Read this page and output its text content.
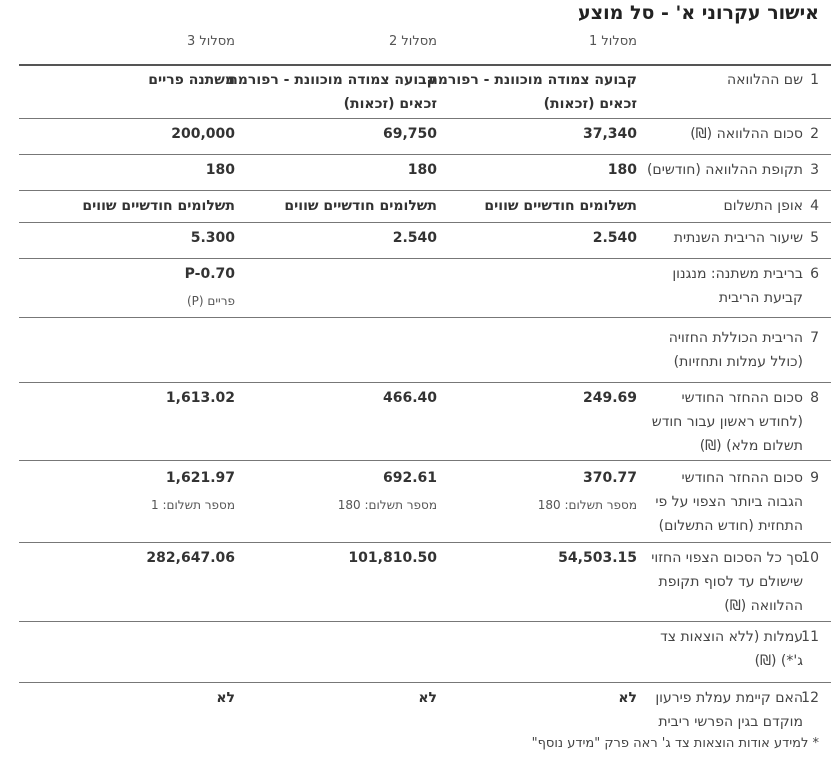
אישור עקרוני א' - סל מוצע
מסלול 1
מסלול 2
מסלול 3
1
שם ההלוואה
קבועה צמודה מוכוונת - רפורמת זכאים (זכאות)
קבועה צמודה מוכוונת - רפורמת זכאים (זכאות)
משתנה פריים
2
סכום ההלוואה (₪)
37,340
69,750
200,000
3
תקופת ההלוואה (חודשים)
180
180
180
4
אופן התשלום
תשלומים חודשיים שווים
תשלומים חודשיים שווים
תשלומים חודשיים שווים
5
שיעור הריבית השנתית
2.540
2.540
5.300
6
בריבית משתנה: מנגנון קביעת הריבית
P-0.70
פריים (P)
7
הריבית הכוללת החזויה (כולל עמלות ותחזיות)
8
סכום ההחזר החודשי (לחודש ראשון עבור חודש תשלום מלא) (₪)
249.69
466.40
1,613.02
9
סכום ההחזר החודשי הגבוה ביותר הצפוי על פי התחזית (חודש התשלום)
370.77
מספר תשלום: 180
692.61
מספר תשלום: 180
1,621.97
מספר תשלום: 1
10
סך כל הסכום הצפוי החזוי שישולם עד לסוף תקופת ההלוואה (₪)
54,503.15
101,810.50
282,647.06
11
עמלות (ללא הוצאות צד ג'*) (₪)
12
האם קיימת עמלת פירעון מוקדם בגין הפרשי ריבית
לא
לא
לא
* למידע אודות הוצאות צד ג' ראה פרק "מידע נוסף"
